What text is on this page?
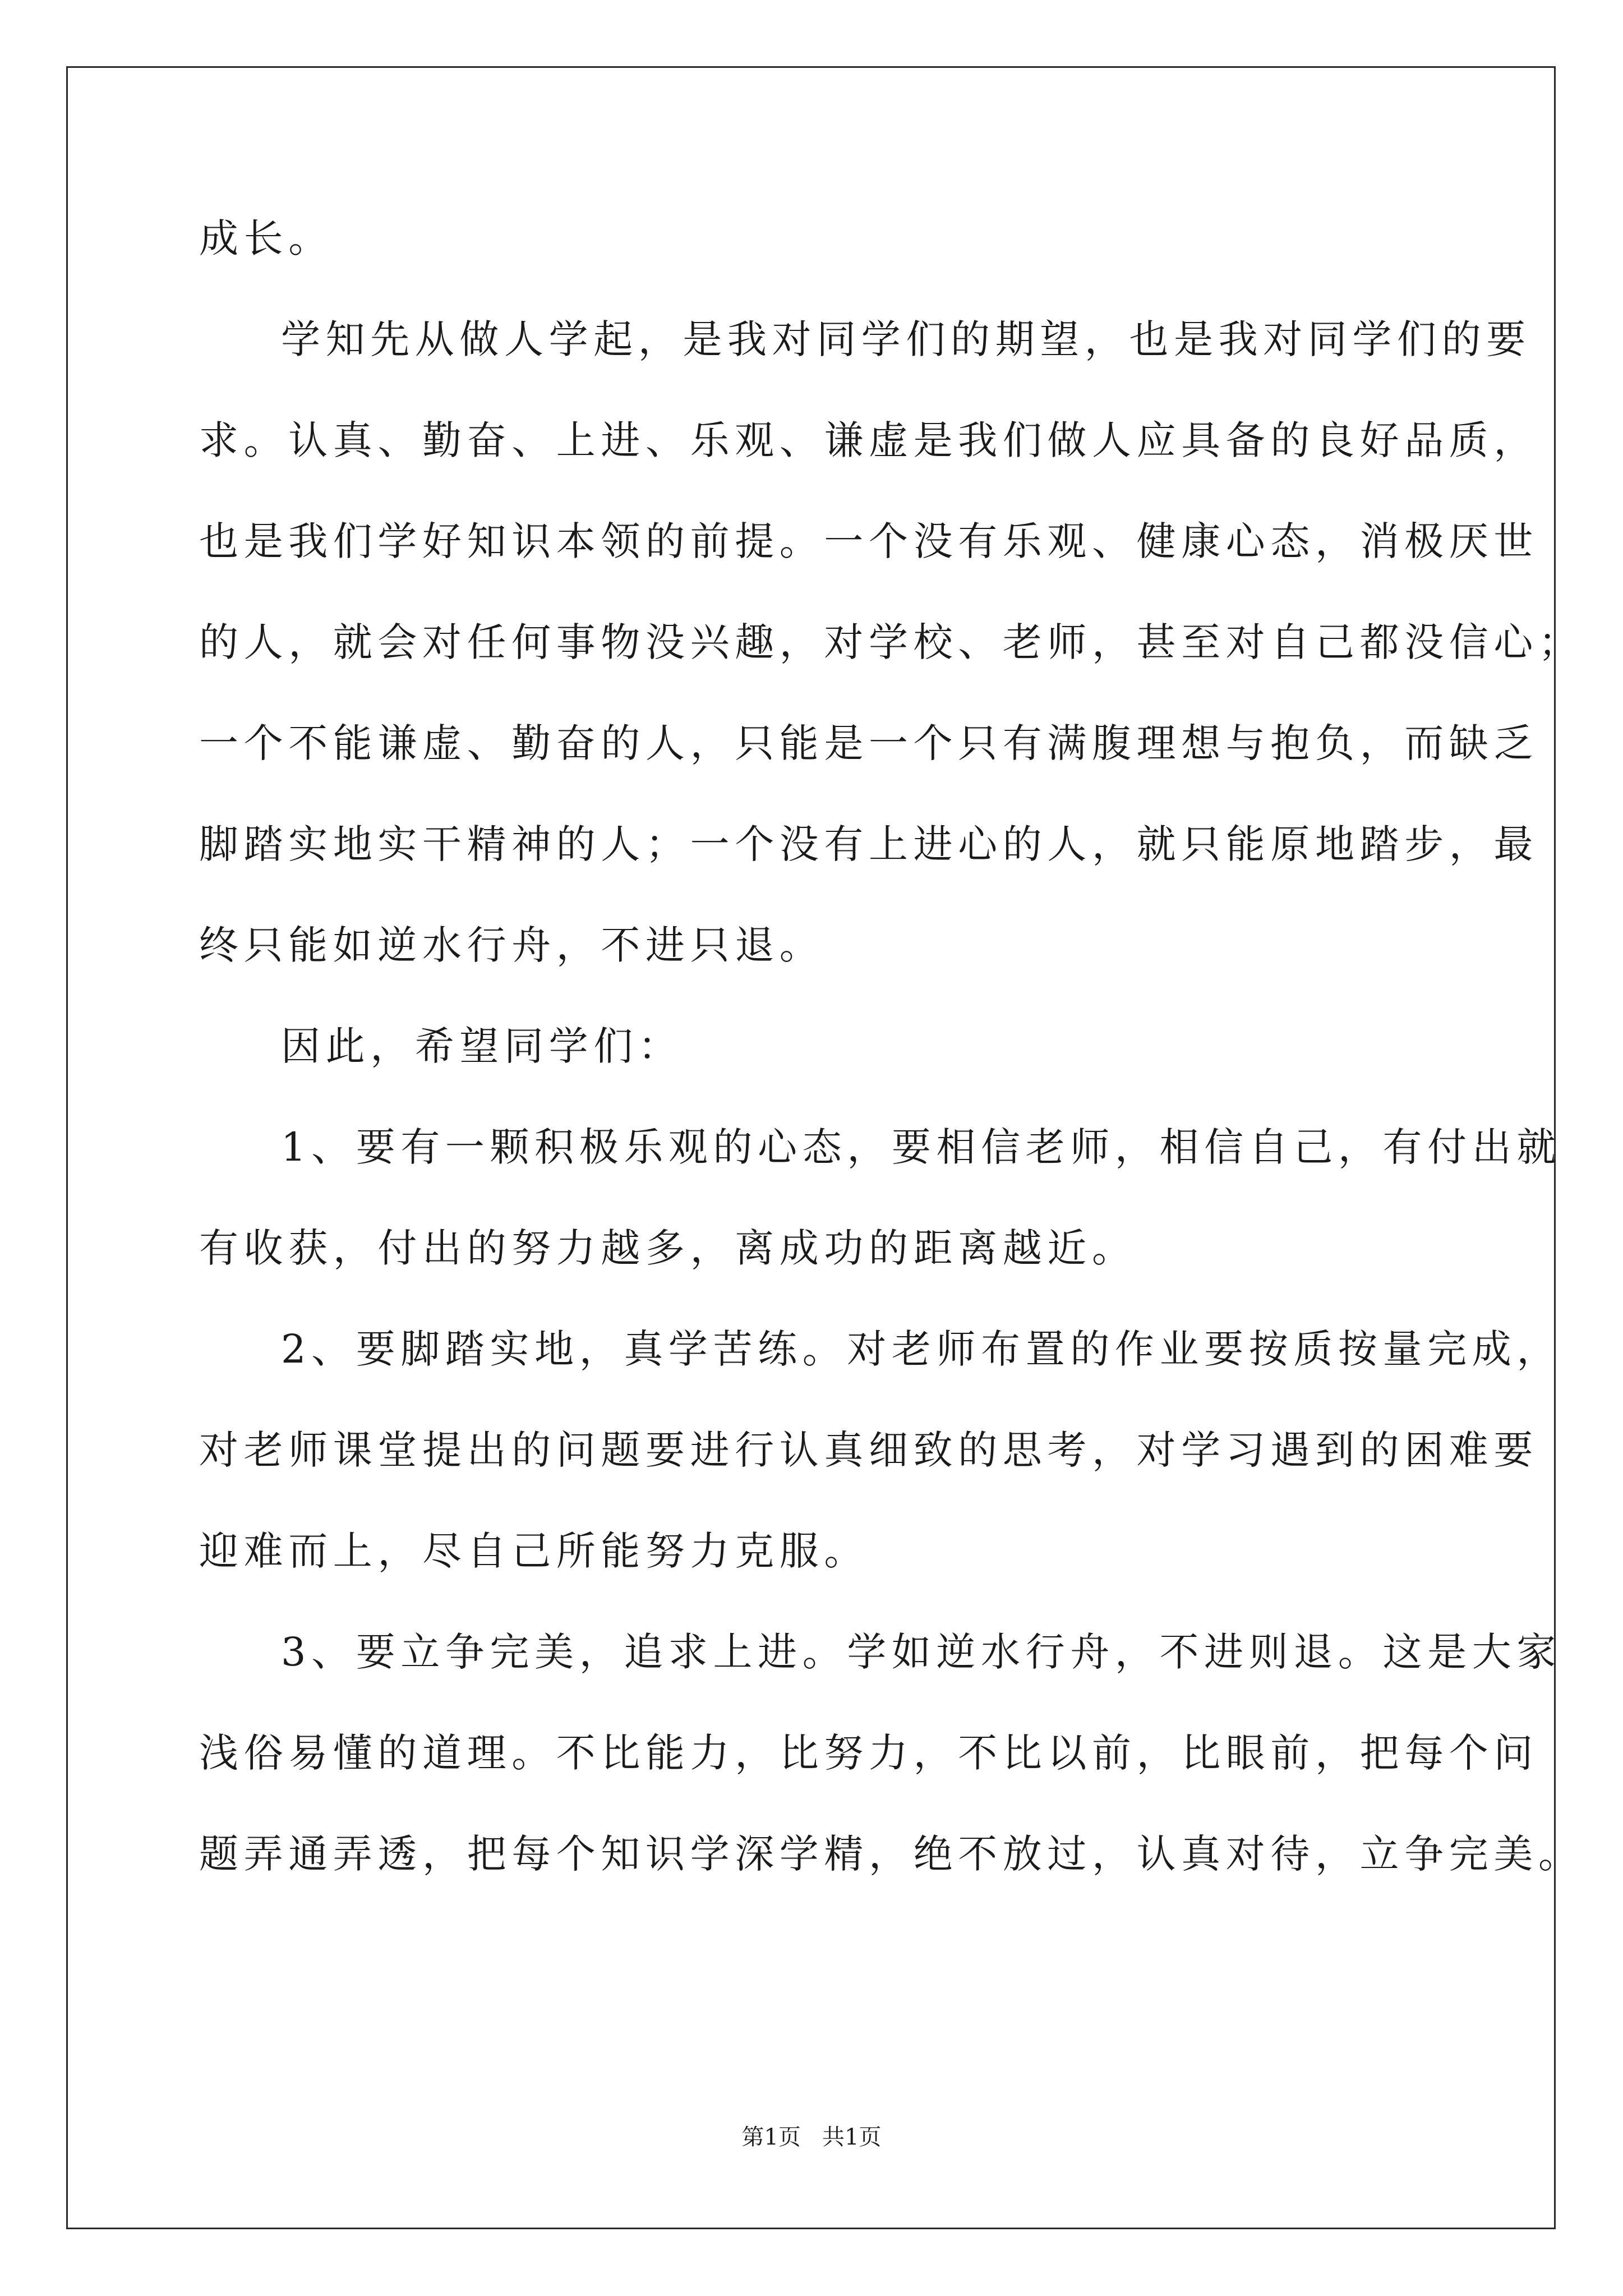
成长。
学知先从做人学起，是我对同学们的期望，也是我对同学们的要
求。认真、勤奋、上进、乐观、谦虚是我们做人应具备的良好品质，
也是我们学好知识本领的前提。一个没有乐观、健康心态，消极厌世
的人，就会对任何事物没兴趣，对学校、老师，甚至对自己都没信心；
一个不能谦虚、勤奋的人，只能是一个只有满腹理想与抱负，而缺乏
脚踏实地实干精神的人；一个没有上进心的人，就只能原地踏步，最
终只能如逆水行舟，不进只退。
因此，希望同学们：
1、要有一颗积极乐观的心态，要相信老师，相信自己，有付出就
有收获，付出的努力越多，离成功的距离越近。
2、要脚踏实地，真学苦练。对老师布置的作业要按质按量完成，
对老师课堂提出的问题要进行认真细致的思考，对学习遇到的困难要
迎难而上，尽自己所能努力克服。
3、要立争完美，追求上进。学如逆水行舟，不进则退。这是大家
浅俗易懂的道理。不比能力，比努力，不比以前，比眼前，把每个问
题弄通弄透，把每个知识学深学精，绝不放过，认真对待，立争完美。
第1页   共1页
